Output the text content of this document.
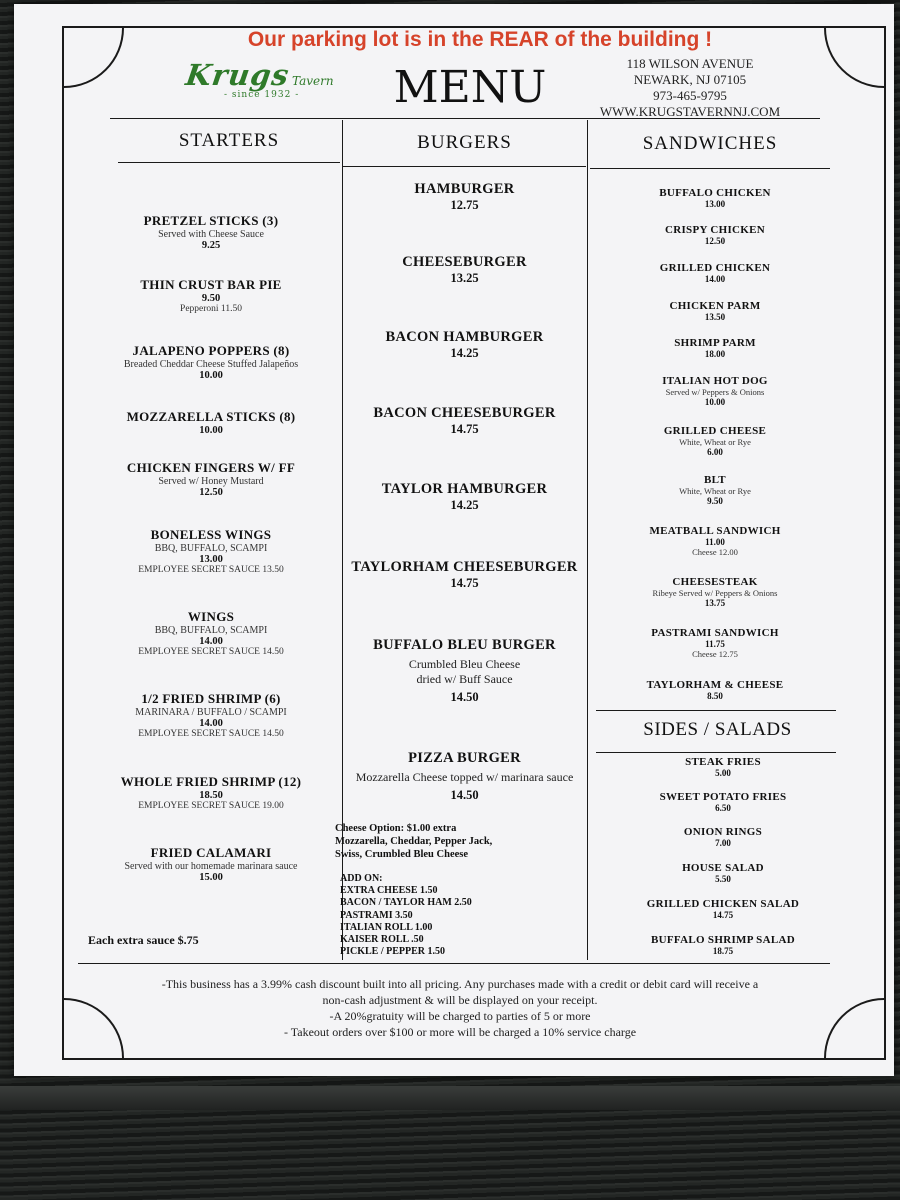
Our parking lot is in the REAR of the building !
Krugs Tavern
- since 1932 -	MENU	118 WILSON AVENUE
NEWARK, NJ 07105
973-465-9795
WWW.KRUGSTAVERNNJ.COM
STARTERS	BURGERS	SANDWICHES
PRETZEL STICKS (3)
Served with Cheese Sauce
9.25
THIN CRUST BAR PIE
9.50
Pepperoni 11.50
JALAPENO POPPERS (8)
Breaded Cheddar Cheese Stuffed Jalapeños
10.00
MOZZARELLA STICKS (8)
10.00
CHICKEN FINGERS W/ FF
Served w/ Honey Mustard
12.50
BONELESS WINGS
BBQ, BUFFALO, SCAMPI
13.00
EMPLOYEE SECRET SAUCE 13.50
WINGS
BBQ, BUFFALO, SCAMPI
14.00
EMPLOYEE SECRET SAUCE 14.50
1/2 FRIED SHRIMP (6)
MARINARA / BUFFALO / SCAMPI
14.00
EMPLOYEE SECRET SAUCE 14.50
WHOLE FRIED SHRIMP (12)
18.50
EMPLOYEE SECRET SAUCE 19.00
FRIED CALAMARI
Served with our homemade marinara sauce
15.00
Each extra sauce $.75
HAMBURGER
12.75
CHEESEBURGER
13.25
BACON HAMBURGER
14.25
BACON CHEESEBURGER
14.75
TAYLOR HAMBURGER
14.25
TAYLORHAM CHEESEBURGER
14.75
BUFFALO BLEU BURGER
Crumbled Bleu Cheese
dried w/ Buff Sauce
14.50
PIZZA BURGER
Mozzarella Cheese topped w/ marinara sauce
14.50
Cheese Option: $1.00 extra
Mozzarella, Cheddar, Pepper Jack,
Swiss, Crumbled Bleu Cheese
ADD ON:
EXTRA CHEESE 1.50
BACON / TAYLOR HAM 2.50
PASTRAMI 3.50
ITALIAN ROLL 1.00
KAISER ROLL .50
PICKLE / PEPPER 1.50
BUFFALO CHICKEN
13.00
CRISPY CHICKEN
12.50
GRILLED CHICKEN
14.00
CHICKEN PARM
13.50
SHRIMP PARM
18.00
ITALIAN HOT DOG
Served w/ Peppers & Onions
10.00
GRILLED CHEESE
White, Wheat or Rye
6.00
BLT
White, Wheat or Rye
9.50
MEATBALL SANDWICH
11.00
Cheese 12.00
CHEESESTEAK
Ribeye Served w/ Peppers & Onions
13.75
PASTRAMI SANDWICH
11.75
Cheese 12.75
TAYLORHAM & CHEESE
8.50
SIDES / SALADS
STEAK FRIES
5.00
SWEET POTATO FRIES
6.50
ONION RINGS
7.00
HOUSE SALAD
5.50
GRILLED CHICKEN SALAD
14.75
BUFFALO SHRIMP SALAD
18.75
-This business has a 3.99% cash discount built into all pricing. Any purchases made with a credit or debit card will receive a
non-cash adjustment & will be displayed on your receipt.
-A 20%gratuity will be charged to parties of 5 or more
- Takeout orders over $100 or more will be charged a 10% service charge
